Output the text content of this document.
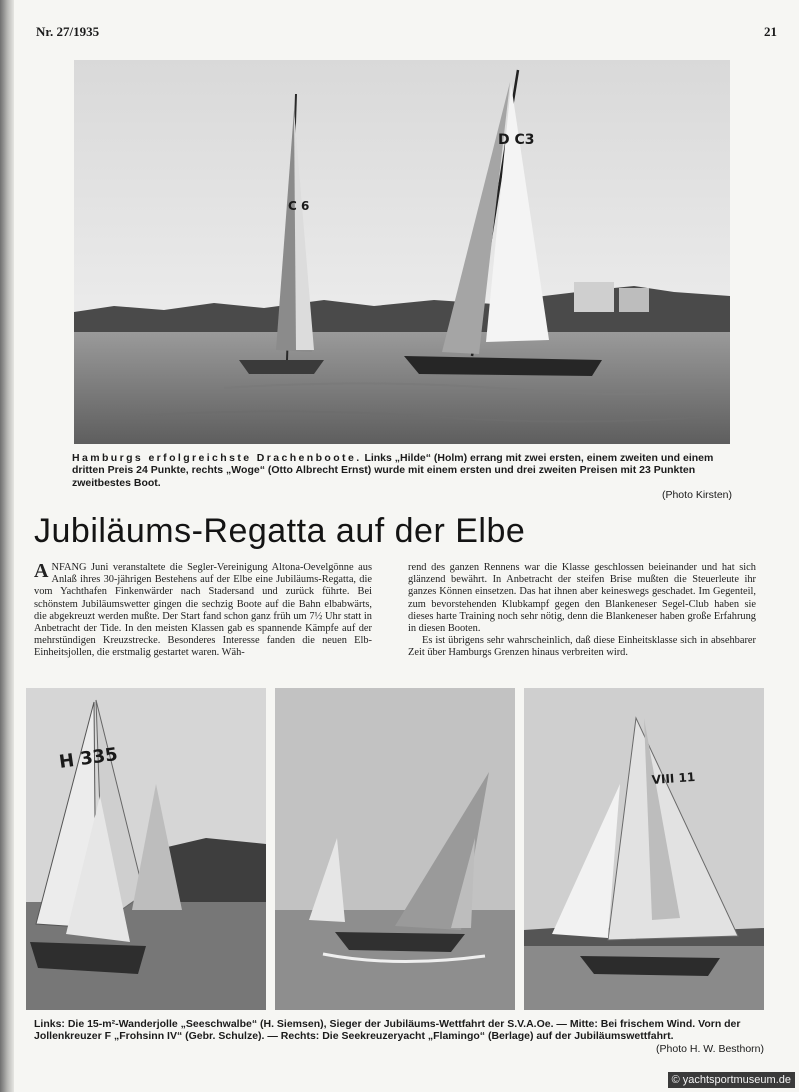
Nr. 27/1935	21
C 6
D C3
Hamburgs erfolgreichste Drachenboote. Links „Hilde“ (Holm) errang mit zwei ersten, einem zweiten und einem dritten Preis 24 Punkte, rechts „Woge“ (Otto Albrecht Ernst) wurde mit einem ersten und drei zweiten Preisen mit 23 Punkten zweitbestes Boot.
(Photo Kirsten)
Jubiläums-Regatta auf der Elbe

ANFANG Juni veranstaltete die Segler-Vereinigung Altona-Oevelgönne aus Anlaß ihres 30-jährigen Bestehens auf der Elbe eine Jubiläums-Regatta, die vom Yachthafen Finkenwärder nach Stadersand und zurück führte. Bei schönstem Jubiläumswetter gingen die sechzig Boote auf die Bahn elbabwärts, die abgekreuzt werden mußte. Der Start fand schon ganz früh um 7½ Uhr statt in Anbetracht der Tide. In den meisten Klassen gab es spannende Kämpfe auf der mehrstündigen Kreuzstrecke. Besonderes Interesse fanden die neuen Elb-Einheitsjollen, die erstmalig gestartet waren. Wäh-

rend des ganzen Rennens war die Klasse geschlossen beieinander und hat sich glänzend bewährt. In Anbetracht der steifen Brise mußten die Steuerleute ihr ganzes Können einsetzen. Das hat ihnen aber keineswegs geschadet. Im Gegenteil, zum bevorstehenden Klubkampf gegen den Blankeneser Segel-Club haben sie dieses harte Training noch sehr nötig, denn die Blankeneser haben große Erfahrung in diesen Booten.

Es ist übrigens sehr wahrscheinlich, daß diese Einheitsklasse sich in absehbarer Zeit über Hamburgs Grenzen hinaus verbreiten wird.

H 335
VIII 11
Links: Die 15-m²-Wanderjolle „Seeschwalbe“ (H. Siemsen), Sieger der Jubiläums-Wettfahrt der S.V.A.Oe. — Mitte: Bei frischem Wind. Vorn der Jollenkreuzer F „Frohsinn IV“ (Gebr. Schulze). — Rechts: Die Seekreuzeryacht „Flamingo“ (Berlage) auf der Jubiläumswettfahrt.
(Photo H. W. Besthorn)
© yachtsportmuseum.de
